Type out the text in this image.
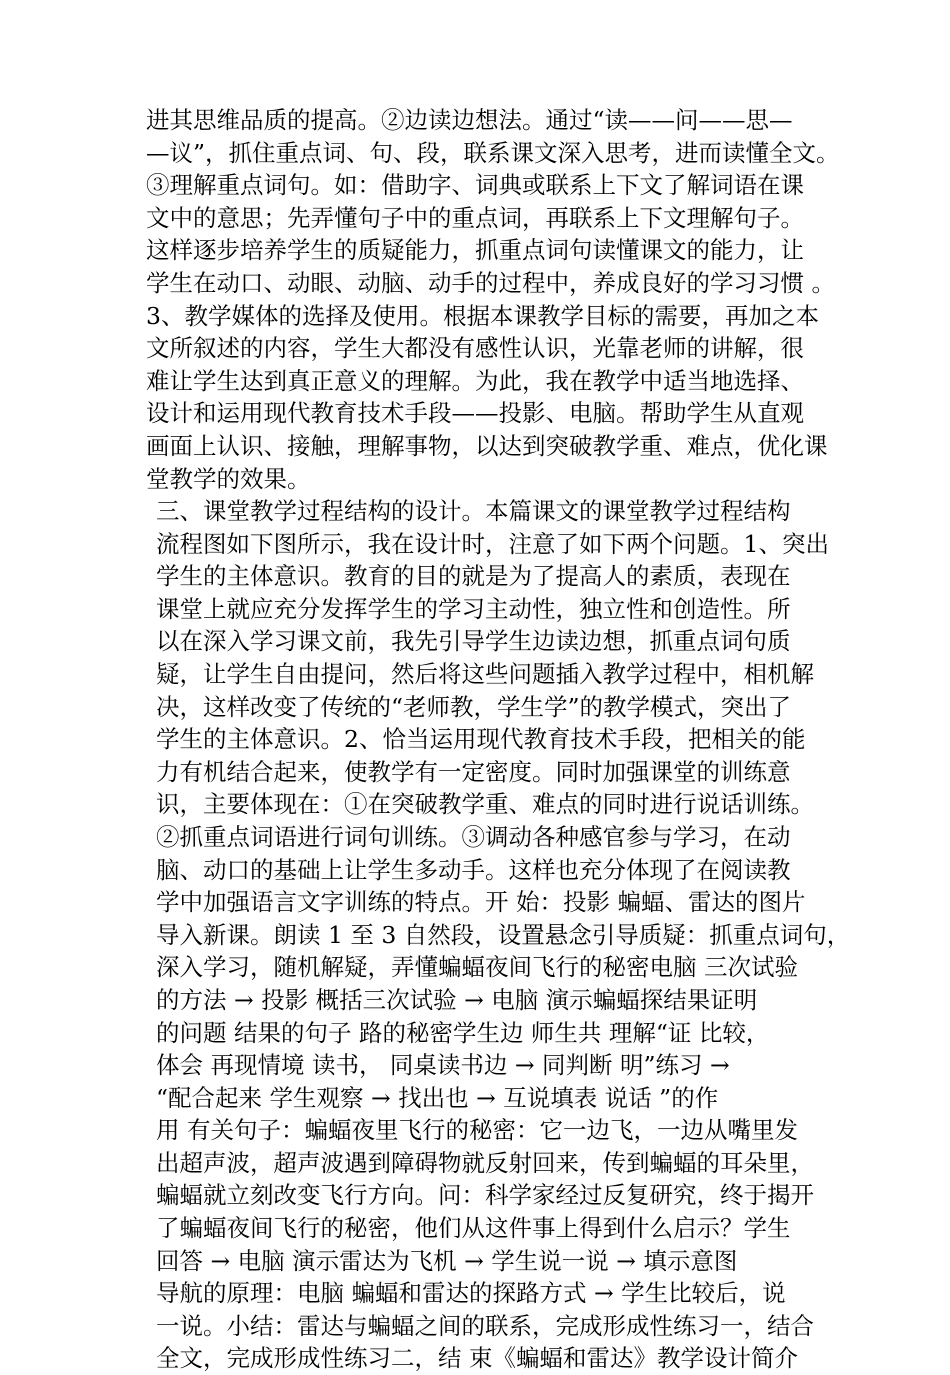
进其思维品质的提高。②边读边想法。通过“读——问——思—
—议”，抓住重点词、句、段，联系课文深入思考，进而读懂全文。
③理解重点词句。如：借助字、词典或联系上下文了解词语在课
文中的意思；先弄懂句子中的重点词，再联系上下文理解句子。
这样逐步培养学生的质疑能力，抓重点词句读懂课文的能力，让
学生在动口、动眼、动脑、动手的过程中，养成良好的学习习惯 。
3、教学媒体的选择及使用。根据本课教学目标的需要，再加之本
文所叙述的内容，学生大都没有感性认识，光靠老师的讲解，很
难让学生达到真正意义的理解。为此，我在教学中适当地选择、
设计和运用现代教育技术手段——投影、电脑。帮助学生从直观
画面上认识、接触，理解事物，以达到突破教学重、难点，优化课
堂教学的效果。
三、课堂教学过程结构的设计。本篇课文的课堂教学过程结构
流程图如下图所示，我在设计时，注意了如下两个问题。1、突出
学生的主体意识。教育的目的就是为了提高人的素质，表现在
课堂上就应充分发挥学生的学习主动性，独立性和创造性。所
以在深入学习课文前，我先引导学生边读边想，抓重点词句质
疑，让学生自由提问，然后将这些问题插入教学过程中，相机解
决，这样改变了传统的“老师教，学生学”的教学模式，突出了
学生的主体意识。2、恰当运用现代教育技术手段，把相关的能
力有机结合起来，使教学有一定密度。同时加强课堂的训练意
识，主要体现在：①在突破教学重、难点的同时进行说话训练。
②抓重点词语进行词句训练。③调动各种感官参与学习，在动
脑、动口的基础上让学生多动手。这样也充分体现了在阅读教
学中加强语言文字训练的特点。开 始：投影 蝙蝠、雷达的图片
导入新课。朗读 1 至 3 自然段，设置悬念引导质疑：抓重点词句，
深入学习，随机解疑，弄懂蝙蝠夜间飞行的秘密电脑 三次试验
的方法 → 投影 概括三次试验 → 电脑 演示蝙蝠探结果证明
的问题 结果的句子 路的秘密学生边 师生共 理解“证 比较，
体会 再现情境 读书， 同桌读书边 → 同判断 明”练习 →
“配合起来 学生观察 → 找出也 → 互说填表 说话 ”的作
用 有关句子：蝙蝠夜里飞行的秘密：它一边飞，一边从嘴里发
出超声波，超声波遇到障碍物就反射回来，传到蝙蝠的耳朵里，
蝙蝠就立刻改变飞行方向。问：科学家经过反复研究，终于揭开
了蝙蝠夜间飞行的秘密，他们从这件事上得到什么启示？学生
回答 → 电脑 演示雷达为飞机 → 学生说一说 → 填示意图
导航的原理：电脑 蝙蝠和雷达的探路方式 → 学生比较后，说
一说。小结：雷达与蝙蝠之间的联系，完成形成性练习一，结合
全文，完成形成性练习二，结 束《蝙蝠和雷达》教学设计简介
